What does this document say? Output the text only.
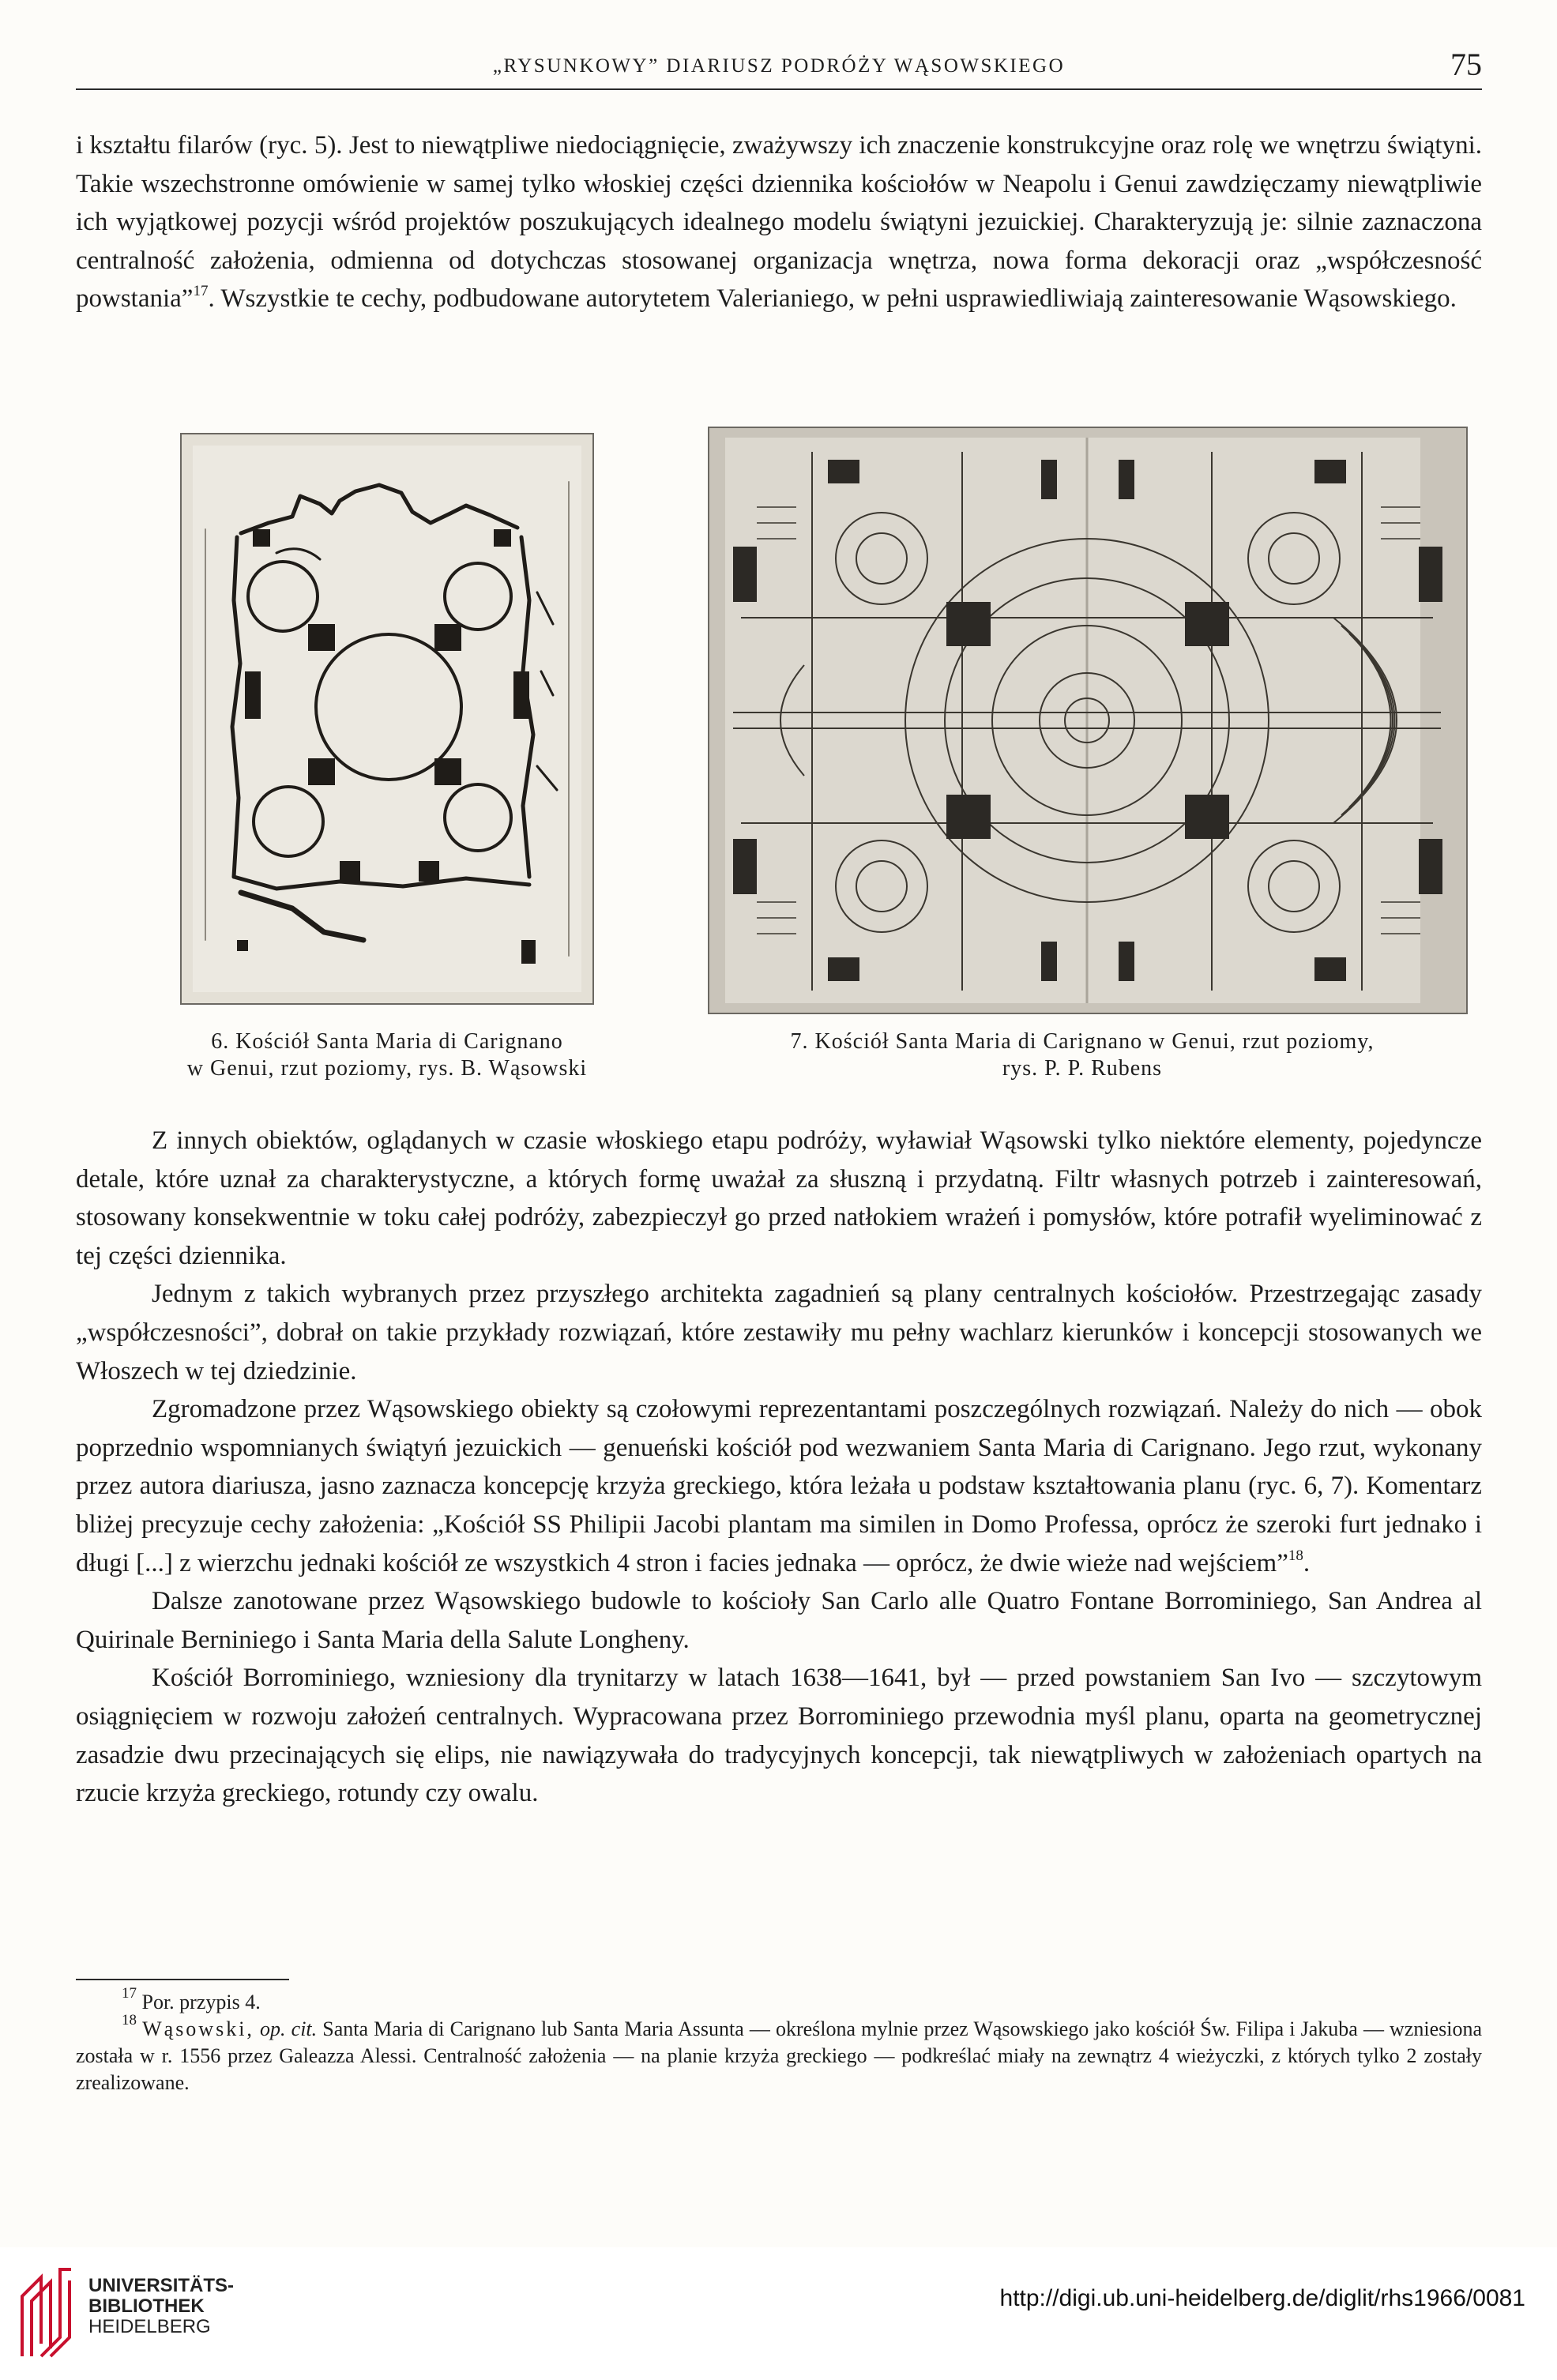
„RYSUNKOWY” DIARIUSZ PODRÓŻY WĄSOWSKIEGO	75

i kształtu filarów (ryc. 5). Jest to niewątpliwe niedociągnięcie, zważywszy ich znaczenie konstrukcyjne oraz rolę we wnętrzu świątyni. Takie wszechstronne omówienie w samej tylko włoskiej części dziennika kościołów w Neapolu i Genui zawdzięczamy niewątpliwie ich wyjątkowej pozycji wśród projektów poszukujących idealnego modelu świątyni jezuickiej. Charakteryzują je: silnie zaznaczona centralność założenia, odmienna od dotychczas stosowanej organizacja wnętrza, nowa forma dekoracji oraz „współczesność powstania”$^{17}$. Wszystkie te cechy, podbudowane autorytetem Valerianiego, w pełni usprawiedliwiają zainteresowanie Wąsowskiego.

6. Kościół Santa Maria di Carignano
w Genui, rzut poziomy, rys. B. Wąsowski
7. Kościół Santa Maria di Carignano w Genui, rzut poziomy,
rys. P. P. Rubens

Z innych obiektów, oglądanych w czasie włoskiego etapu podróży, wyławiał Wąsowski tylko niektóre elementy, pojedyncze detale, które uznał za charakterystyczne, a których formę uważał za słuszną i przydatną. Filtr własnych potrzeb i zainteresowań, stosowany konsekwentnie w toku całej podróży, zabezpieczył go przed natłokiem wrażeń i pomysłów, które potrafił wyeliminować z tej części dziennika.

Jednym z takich wybranych przez przyszłego architekta zagadnień są plany centralnych kościołów. Przestrzegając zasady „współczesności”, dobrał on takie przykłady rozwiązań, które zestawiły mu pełny wachlarz kierunków i koncepcji stosowanych we Włoszech w tej dziedzinie.

Zgromadzone przez Wąsowskiego obiekty są czołowymi reprezentantami poszczególnych rozwiązań. Należy do nich — obok poprzednio wspomnianych świątyń jezuickich — genueński kościół pod wezwaniem Santa Maria di Carignano. Jego rzut, wykonany przez autora diariusza, jasno zaznacza koncepcję krzyża greckiego, która leżała u podstaw kształtowania planu (ryc. 6, 7). Komentarz bliżej precyzuje cechy założenia: „Kościół SS Philipii Jacobi plantam ma similen in Domo Professa, oprócz że szeroki furt jednako i długi [...] z wierzchu jednaki kościół ze wszystkich 4 stron i facies jednaka — oprócz, że dwie wieże nad wejściem”$^{18}$.

Dalsze zanotowane przez Wąsowskiego budowle to kościoły San Carlo alle Quatro Fontane Borrominiego, San Andrea al Quirinale Berniniego i Santa Maria della Salute Longheny.

Kościół Borrominiego, wzniesiony dla trynitarzy w latach 1638—1641, był — przed powstaniem San Ivo — szczytowym osiągnięciem w rozwoju założeń centralnych. Wypracowana przez Borrominiego przewodnia myśl planu, oparta na geometrycznej zasadzie dwu przecinających się elips, nie nawiązywała do tradycyjnych koncepcji, tak niewątpliwych w założeniach opartych na rzucie krzyża greckiego, rotundy czy owalu.

$^{17}$ Por. przypis 4.

$^{18}$ Wąsowski, op. cit. Santa Maria di Carignano lub Santa Maria Assunta — określona mylnie przez Wąsowskiego jako kościół Św. Filipa i Jakuba — wzniesiona została w r. 1556 przez Galeazza Alessi. Centralność założenia — na planie krzyża greckiego — podkreślać miały na zewnątrz 4 wieżyczki, z których tylko 2 zostały zrealizowane.

UNIVERSITÄTS-
BIBLIOTHEK
HEIDELBERG
http://digi.ub.uni-heidelberg.de/diglit/rhs1966/0081
